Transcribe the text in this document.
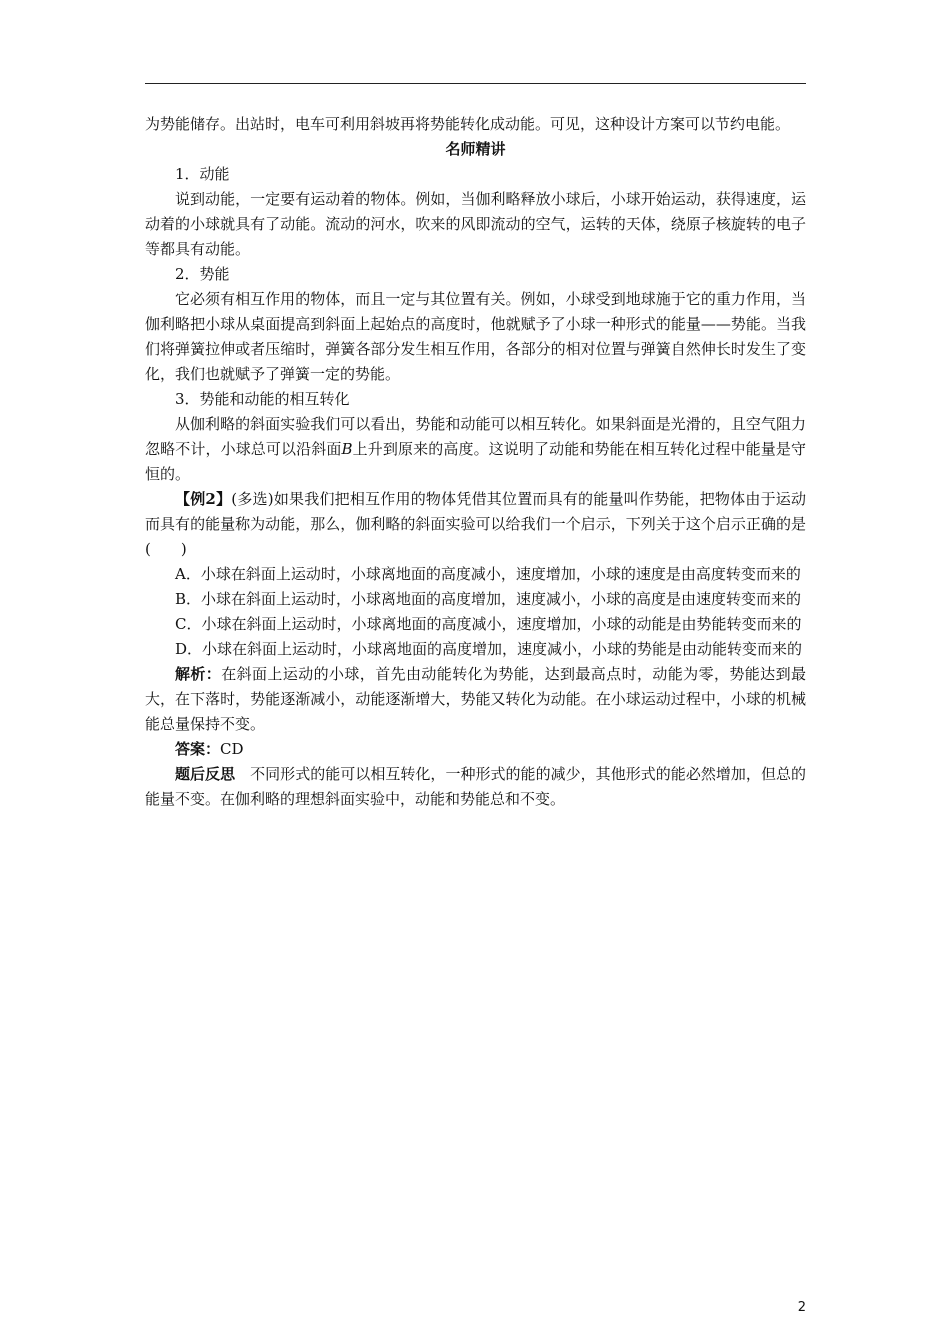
为势能储存。出站时，电车可利用斜坡再将势能转化成动能。可见，这种设计方案可以节约电能。

名师精讲

1．动能

说到动能，一定要有运动着的物体。例如，当伽利略释放小球后，小球开始运动，获得速度，运动着的小球就具有了动能。流动的河水，吹来的风即流动的空气，运转的天体，绕原子核旋转的电子等都具有动能。

2．势能

它必须有相互作用的物体，而且一定与其位置有关。例如，小球受到地球施于它的重力作用，当伽利略把小球从桌面提高到斜面上起始点的高度时，他就赋予了小球一种形式的能量——势能。当我们将弹簧拉伸或者压缩时，弹簧各部分发生相互作用，各部分的相对位置与弹簧自然伸长时发生了变化，我们也就赋予了弹簧一定的势能。

3．势能和动能的相互转化

从伽利略的斜面实验我们可以看出，势能和动能可以相互转化。如果斜面是光滑的，且空气阻力忽略不计，小球总可以沿斜面B上升到原来的高度。这说明了动能和势能在相互转化过程中能量是守恒的。

【例2】(多选)如果我们把相互作用的物体凭借其位置而具有的能量叫作势能，把物体由于运动而具有的能量称为动能，那么，伽利略的斜面实验可以给我们一个启示，下列关于这个启示正确的是(　　)

A．小球在斜面上运动时，小球离地面的高度减小，速度增加，小球的速度是由高度转变而来的

B．小球在斜面上运动时，小球离地面的高度增加，速度减小，小球的高度是由速度转变而来的

C．小球在斜面上运动时，小球离地面的高度减小，速度增加，小球的动能是由势能转变而来的

D．小球在斜面上运动时，小球离地面的高度增加，速度减小，小球的势能是由动能转变而来的

解析：在斜面上运动的小球，首先由动能转化为势能，达到最高点时，动能为零，势能达到最大，在下落时，势能逐渐减小，动能逐渐增大，势能又转化为动能。在小球运动过程中，小球的机械能总量保持不变。

答案：CD

题后反思  不同形式的能可以相互转化，一种形式的能的减少，其他形式的能必然增加，但总的能量不变。在伽利略的理想斜面实验中，动能和势能总和不变。

2
